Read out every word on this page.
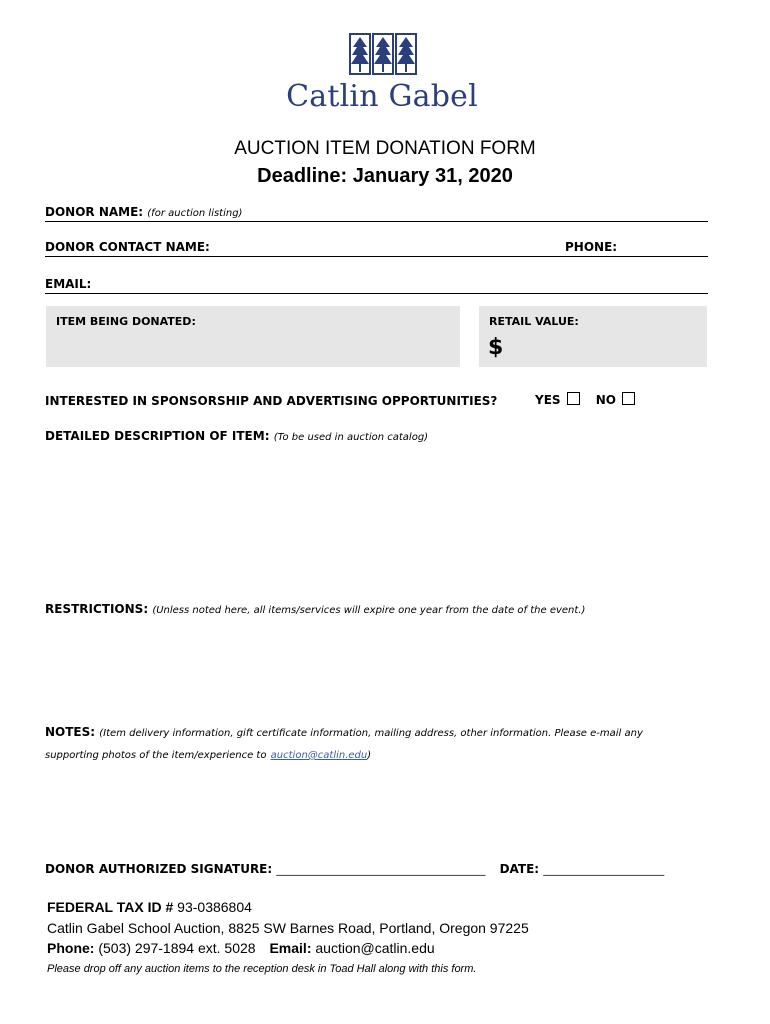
Catlin Gabel
AUCTION ITEM DONATION FORM
Deadline: January 31, 2020
DONOR NAME: (for auction listing)
DONOR CONTACT NAME:	PHONE:
EMAIL:
ITEM BEING DONATED:	RETAIL VALUE:
$
INTERESTED IN SPONSORSHIP AND ADVERTISING OPPORTUNITIES?	YES	NO
DETAILED DESCRIPTION OF ITEM: (To be used in auction catalog)
RESTRICTIONS: (Unless noted here, all items/services will expire one year from the date of the event.)
NOTES: (Item delivery information, gift certificate information, mailing address, other information. Please e-mail any
supporting photos of the item/experience to auction@catlin.edu)
DONOR AUTHORIZED SIGNATURE: ______________________________________ DATE: ______________________
FEDERAL TAX ID # 93-0386804
Catlin Gabel School Auction, 8825 SW Barnes Road, Portland, Oregon 97225
Phone: (503) 297-1894 ext. 5028 Email: auction@catlin.edu
Please drop off any auction items to the reception desk in Toad Hall along with this form.
